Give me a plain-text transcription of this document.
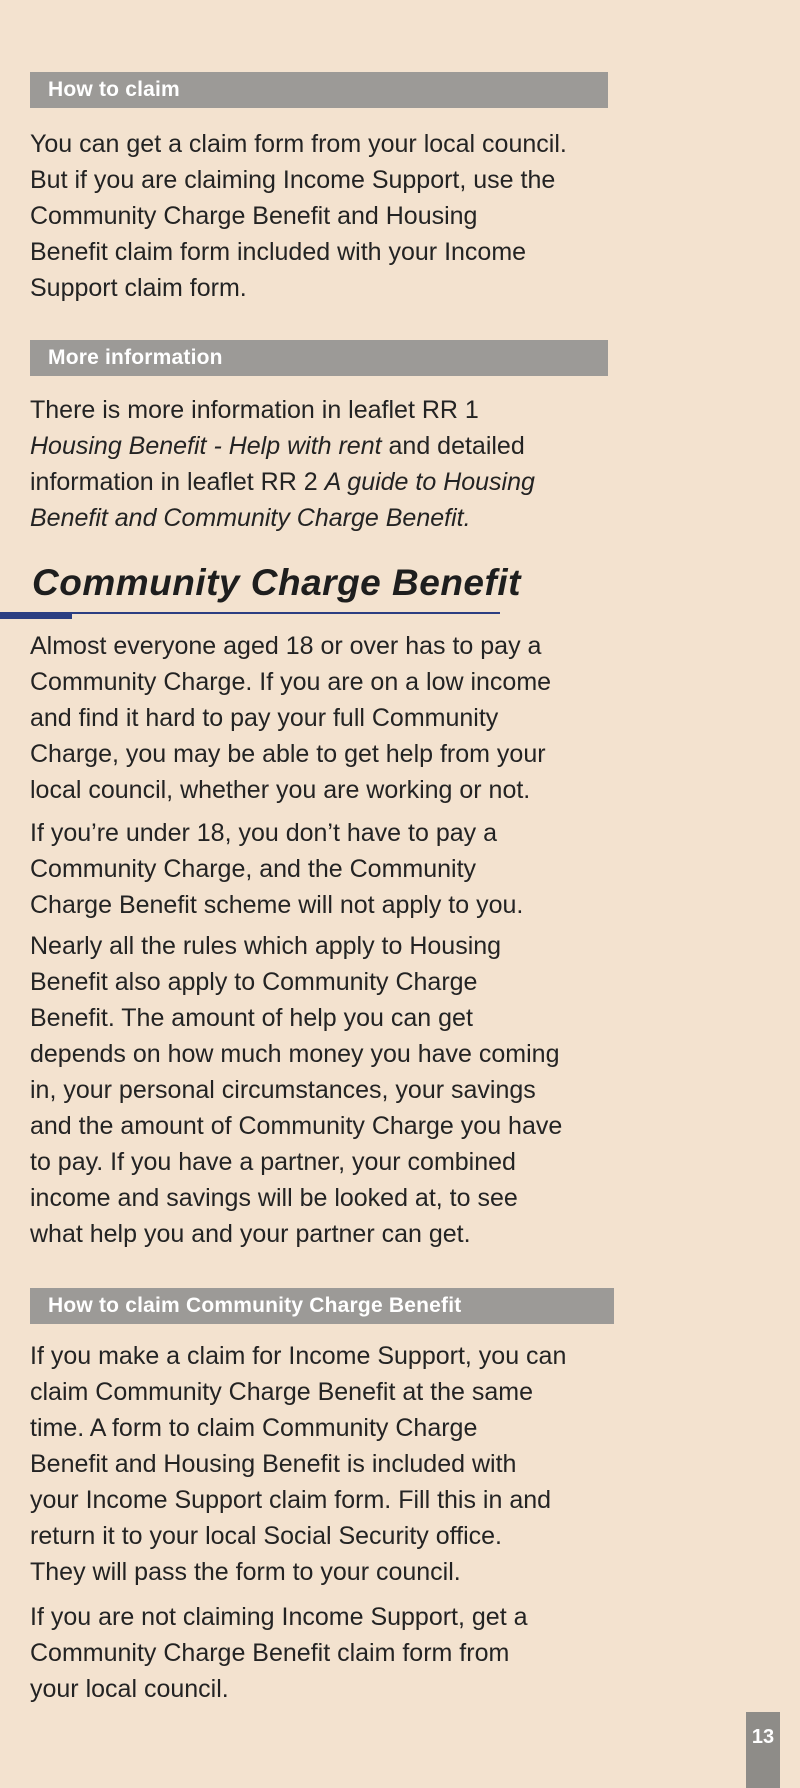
How to claim

You can get a claim form from your local council.
But if you are claiming Income Support, use the
Community Charge Benefit and Housing
Benefit claim form included with your Income
Support claim form.

More information

There is more information in leaflet RR 1
Housing Benefit - Help with rent and detailed
information in leaflet RR 2 A guide to Housing
Benefit and Community Charge Benefit.

Community Charge Benefit

Almost everyone aged 18 or over has to pay a
Community Charge. If you are on a low income
and find it hard to pay your full Community
Charge, you may be able to get help from your
local council, whether you are working or not.

If you’re under 18, you don’t have to pay a
Community Charge, and the Community
Charge Benefit scheme will not apply to you.

Nearly all the rules which apply to Housing
Benefit also apply to Community Charge
Benefit. The amount of help you can get
depends on how much money you have coming
in, your personal circumstances, your savings
and the amount of Community Charge you have
to pay. If you have a partner, your combined
income and savings will be looked at, to see
what help you and your partner can get.

How to claim Community Charge Benefit

If you make a claim for Income Support, you can
claim Community Charge Benefit at the same
time. A form to claim Community Charge
Benefit and Housing Benefit is included with
your Income Support claim form. Fill this in and
return it to your local Social Security office.
They will pass the form to your council.

If you are not claiming Income Support, get a
Community Charge Benefit claim form from
your local council.

13
